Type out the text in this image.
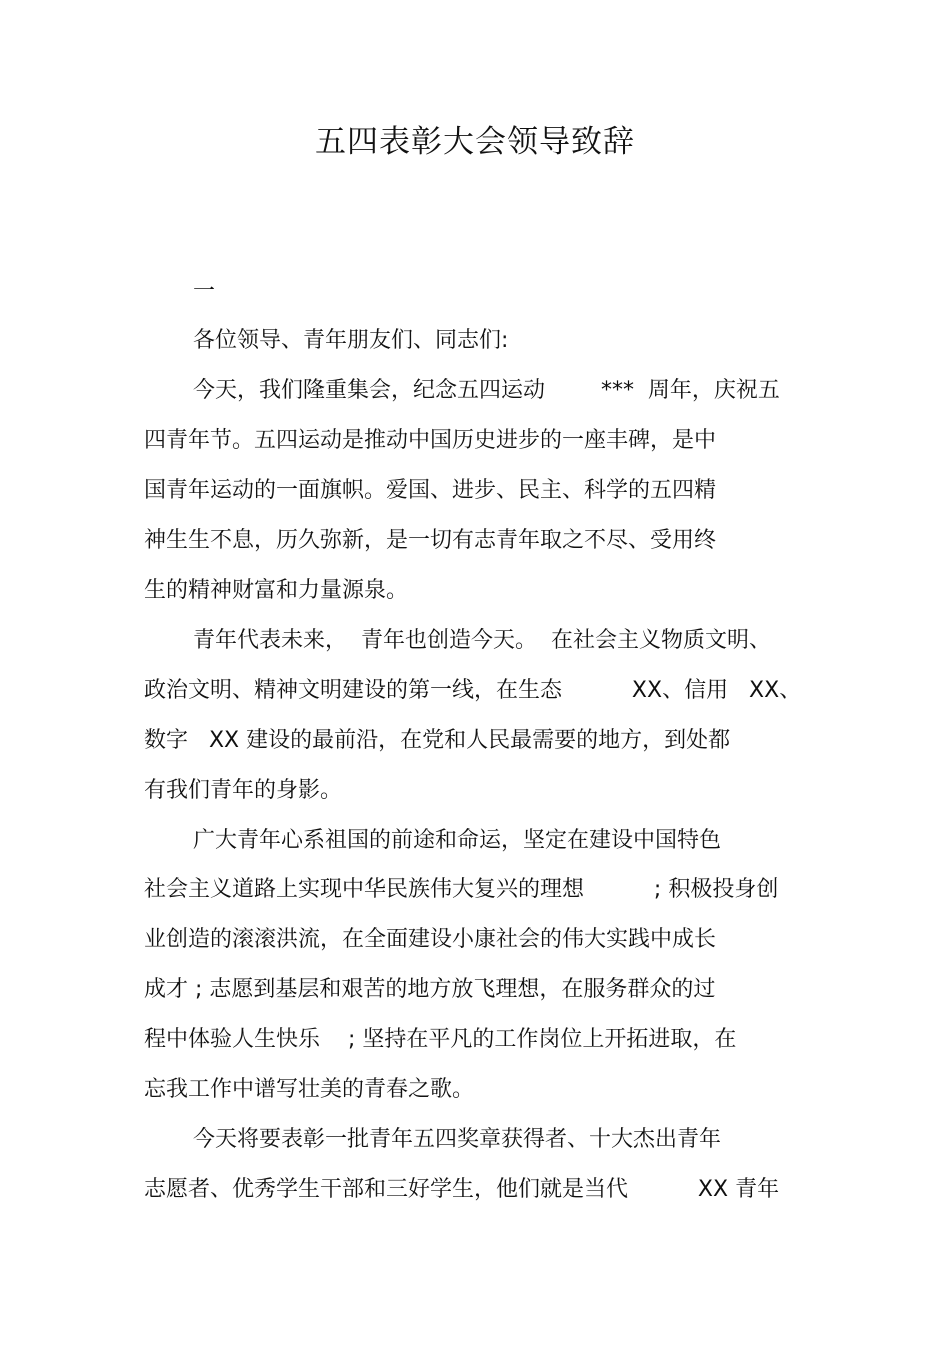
五四表彰大会领导致辞
一
各位领导、青年朋友们、同志们:
今天，我们隆重集会，纪念五四运动        ***  周年，庆祝五
四青年节。五四运动是推动中国历史进步的一座丰碑，是中
国青年运动的一面旗帜。爱国、进步、民主、科学的五四精
神生生不息，历久弥新，是一切有志青年取之不尽、受用终
生的精神财富和力量源泉。
青年代表未来，  青年也创造今天。  在社会主义物质文明、
政治文明、精神文明建设的第一线，在生态          XX、信用   XX、
数字   XX 建设的最前沿，在党和人民最需要的地方，到处都
有我们青年的身影。
广大青年心系祖国的前途和命运，坚定在建设中国特色
社会主义道路上实现中华民族伟大复兴的理想          ; 积极投身创
业创造的滚滚洪流，在全面建设小康社会的伟大实践中成长
成才 ; 志愿到基层和艰苦的地方放飞理想，在服务群众的过
程中体验人生快乐    ; 坚持在平凡的工作岗位上开拓进取，在
忘我工作中谱写壮美的青春之歌。
今天将要表彰一批青年五四奖章获得者、十大杰出青年
志愿者、优秀学生干部和三好学生，他们就是当代          XX 青年
